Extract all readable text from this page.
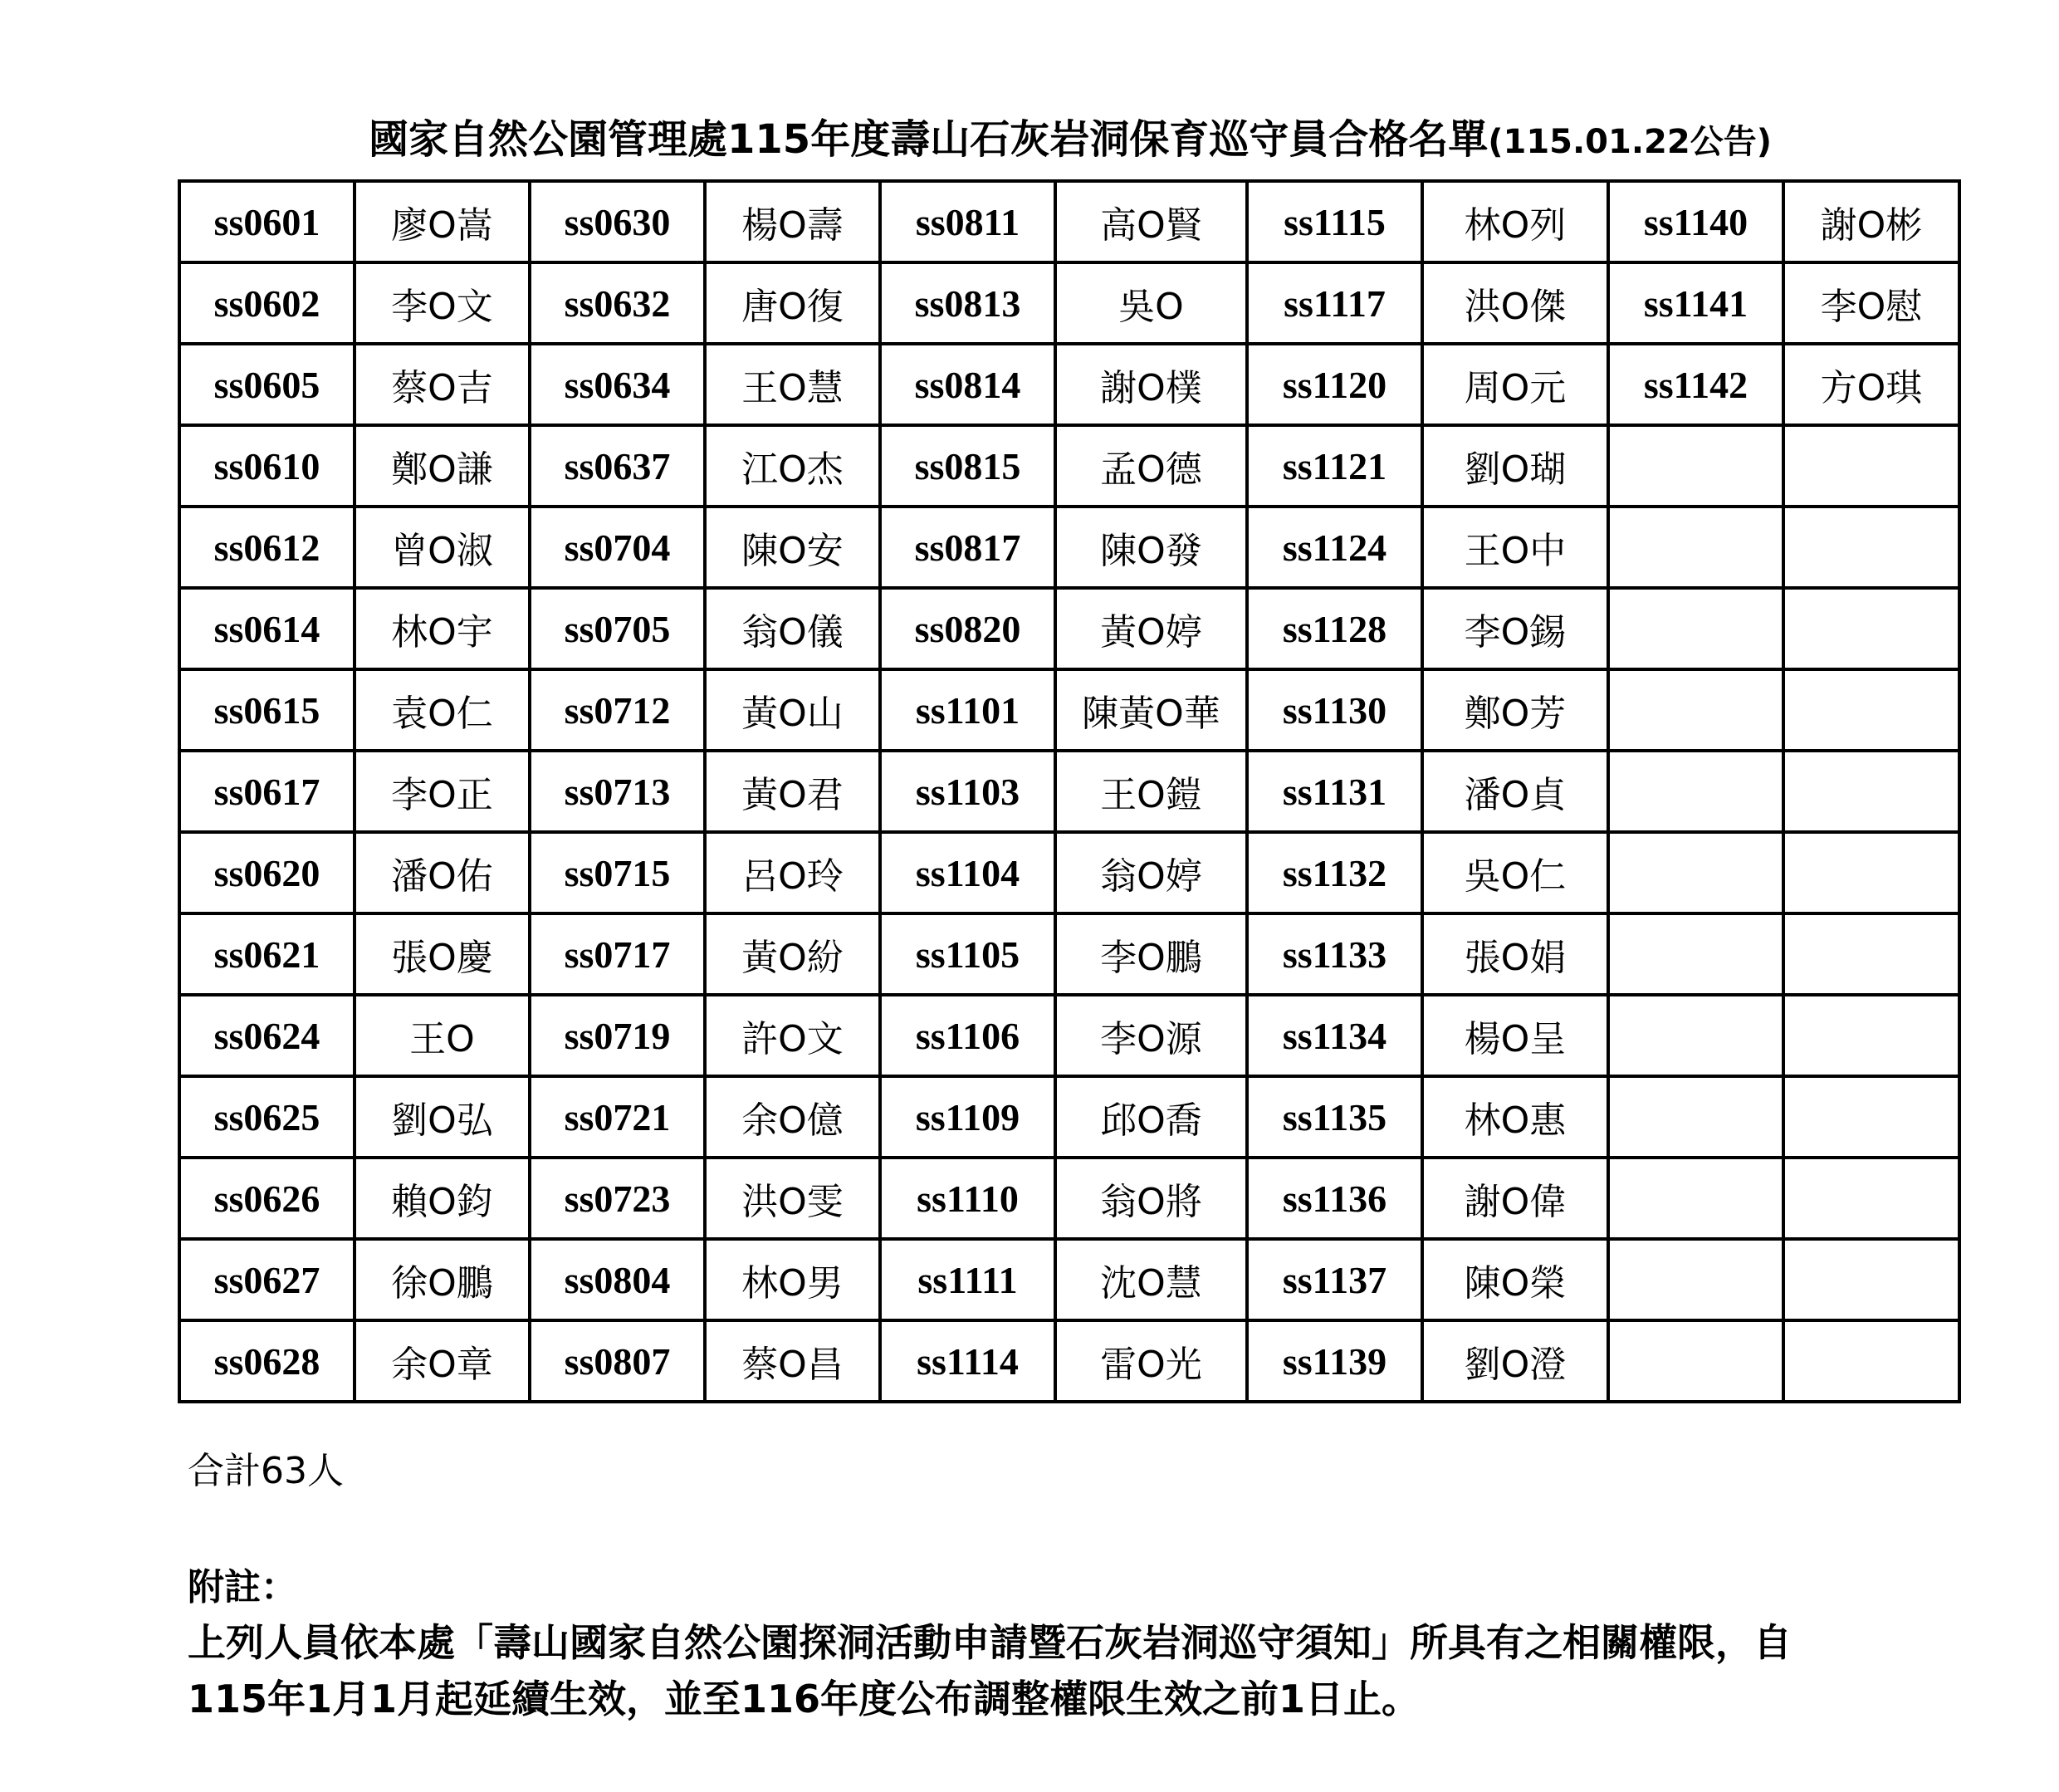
國家自然公園管理處115年度壽山石灰岩洞保育巡守員合格名單(115.01.22公告)
ss0601	廖O嵩	ss0630	楊O壽	ss0811	高O賢	ss1115	林O列	ss1140	謝O彬
ss0602	李O文	ss0632	唐O復	ss0813	吳O	ss1117	洪O傑	ss1141	李O慰
ss0605	蔡O吉	ss0634	王O慧	ss0814	謝O樸	ss1120	周O元	ss1142	方O琪
ss0610	鄭O謙	ss0637	江O杰	ss0815	孟O德	ss1121	劉O瑚		
ss0612	曾O淑	ss0704	陳O安	ss0817	陳O發	ss1124	王O中		
ss0614	林O宇	ss0705	翁O儀	ss0820	黃O婷	ss1128	李O錫		
ss0615	袁O仁	ss0712	黃O山	ss1101	陳黃O華	ss1130	鄭O芳		
ss0617	李O正	ss0713	黃O君	ss1103	王O鎧	ss1131	潘O貞		
ss0620	潘O佑	ss0715	呂O玲	ss1104	翁O婷	ss1132	吳O仁		
ss0621	張O慶	ss0717	黃O紛	ss1105	李O鵬	ss1133	張O娟		
ss0624	王O	ss0719	許O文	ss1106	李O源	ss1134	楊O呈		
ss0625	劉O弘	ss0721	余O億	ss1109	邱O喬	ss1135	林O惠		
ss0626	賴O鈞	ss0723	洪O雯	ss1110	翁O將	ss1136	謝O偉		
ss0627	徐O鵬	ss0804	林O男	ss1111	沈O慧	ss1137	陳O榮		
ss0628	余O章	ss0807	蔡O昌	ss1114	雷O光	ss1139	劉O澄		
合計63人
附註：
上列人員依本處「壽山國家自然公園探洞活動申請暨石灰岩洞巡守須知」所具有之相關權限，自
115年1月1月起延續生效，並至116年度公布調整權限生效之前1日止。
